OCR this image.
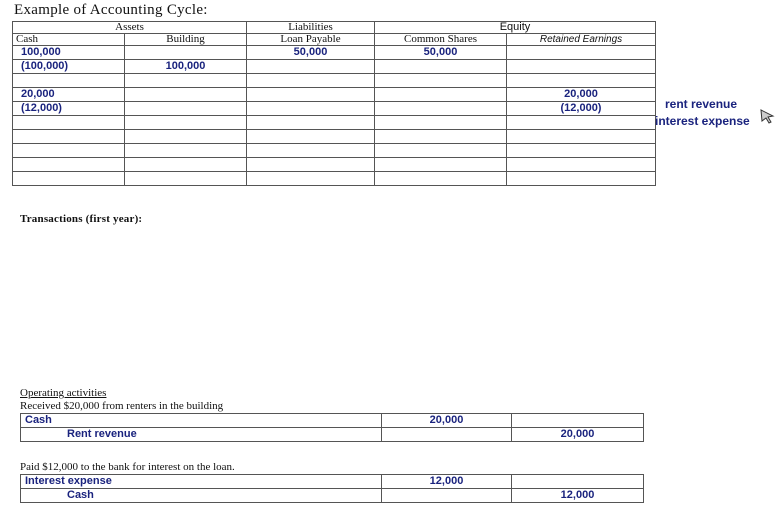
Example of Accounting Cycle:
Assets		Liabilities	Equity	
Cash	Building	Loan Payable	Common Shares	Retained Earnings
100,000		50,000	50,000	
(100,000)	100,000			

20,000				20,000
(12,000)				(12,000)

					rent revenue
interest expense
Transactions (first year):
Operating activities
Received $20,000 from renters in the building
Cash	20,000	
Rent revenue		20,000
Paid $12,000 to the bank for interest on the loan.
Interest expense	12,000	
Cash		12,000
